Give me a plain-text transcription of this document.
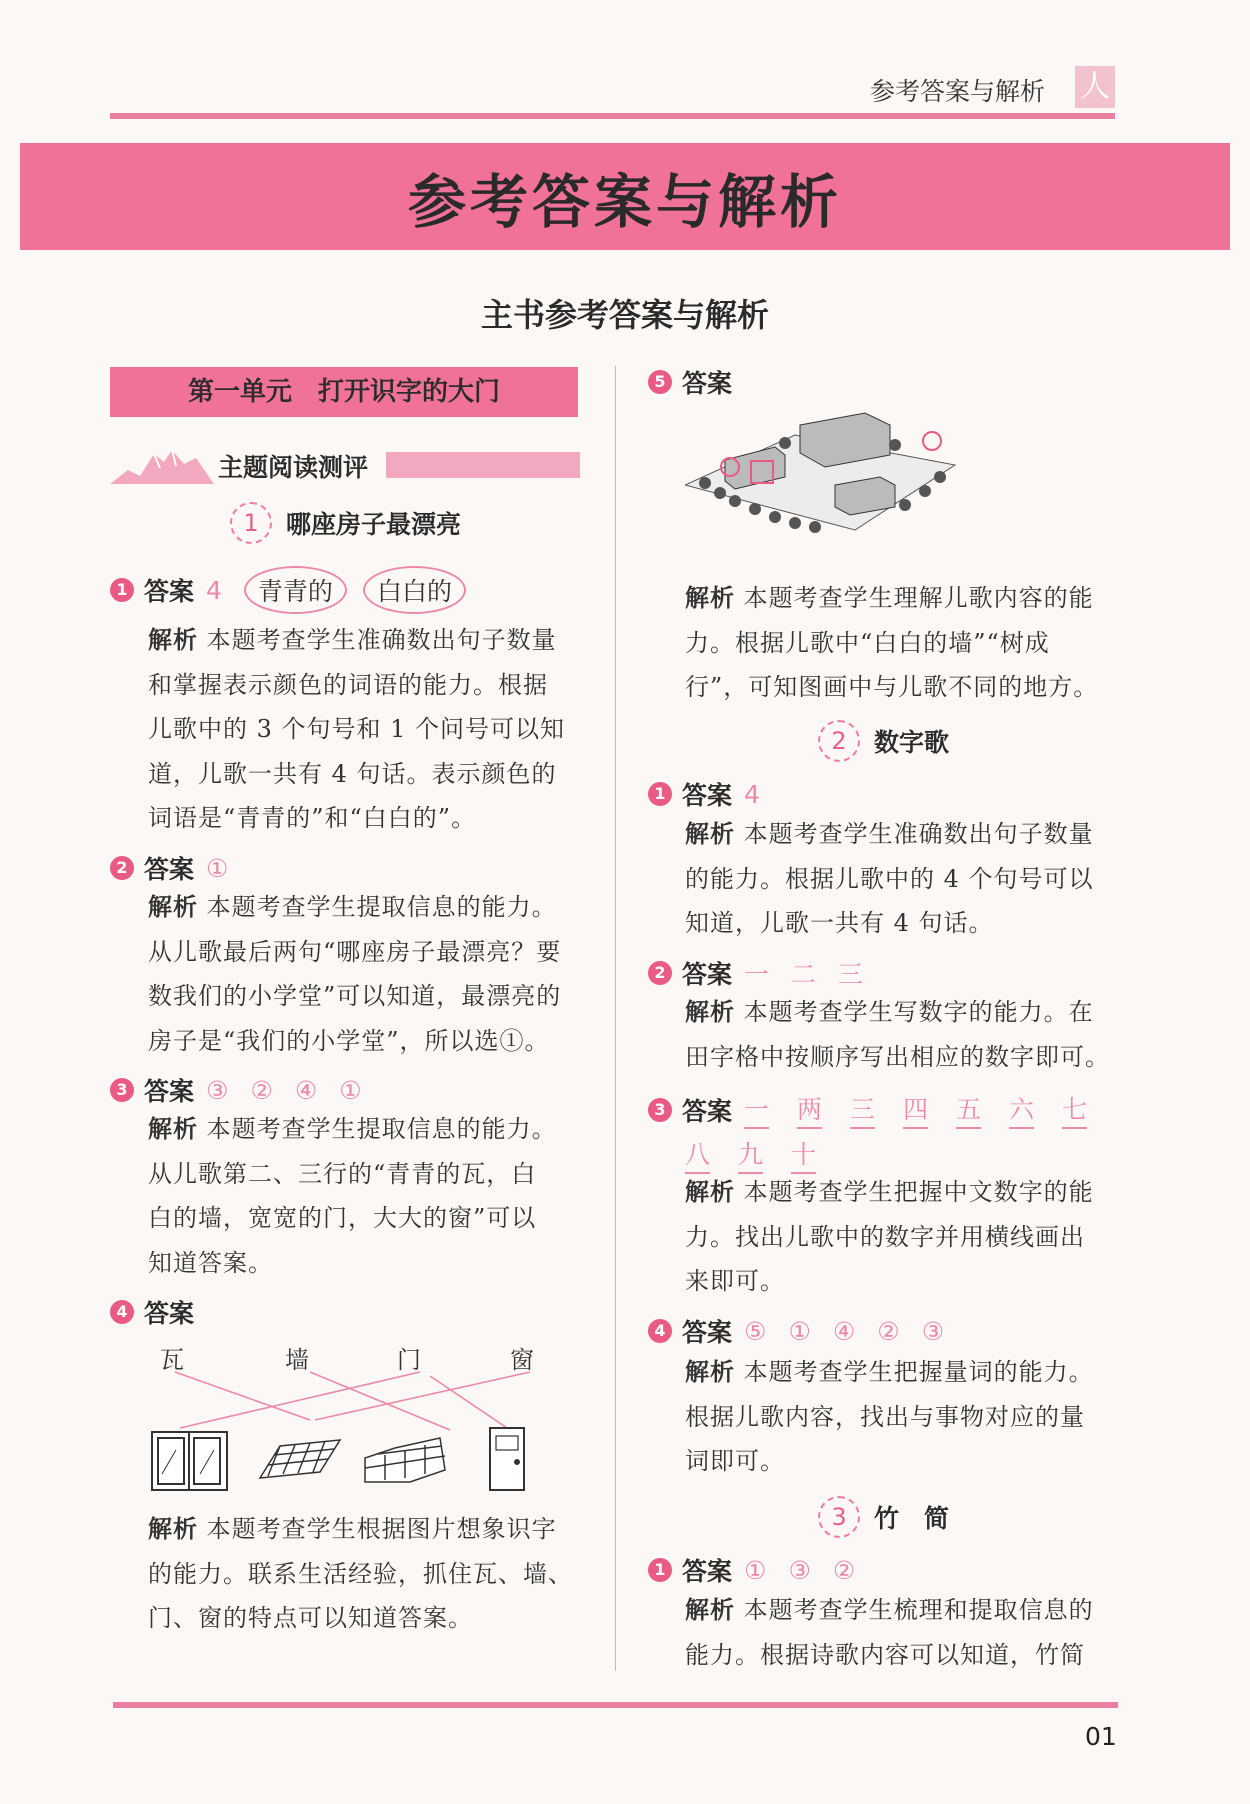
参考答案与解析 人
参考答案与解析
主书参考答案与解析
第一单元　打开识字的大门
主题阅读测评
1	哪座房子最漂亮
1 答案 4	青青的	白白的
解析 本题考查学生准确数出句子数量
和掌握表示颜色的词语的能力。根据
儿歌中的 3 个句号和 1 个问号可以知
道，儿歌一共有 4 句话。表示颜色的
词语是“青青的”和“白白的”。
2 答案 ①
解析 本题考查学生提取信息的能力。
从儿歌最后两句“哪座房子最漂亮？要
数我们的小学堂”可以知道，最漂亮的
房子是“我们的小学堂”，所以选①。
3 答案 ③ ② ④ ①
解析 本题考查学生提取信息的能力。
从儿歌第二、三行的“青青的瓦，白
白的墙，宽宽的门，大大的窗”可以
知道答案。
4 答案
瓦	墙	门	窗
解析 本题考查学生根据图片想象识字
的能力。联系生活经验，抓住瓦、墙、
门、窗的特点可以知道答案。
5 答案
解析 本题考查学生理解儿歌内容的能
力。根据儿歌中“白白的墙”“树成
行”，可知图画中与儿歌不同的地方。
2	数字歌
1 答案 4
解析 本题考查学生准确数出句子数量
的能力。根据儿歌中的 4 个句号可以
知道，儿歌一共有 4 句话。
2 答案 一 二 三
解析 本题考查学生写数字的能力。在
田字格中按顺序写出相应的数字即可。
3 答案 一 两 三 四 五 六 七
八 九 十
解析 本题考查学生把握中文数字的能
力。找出儿歌中的数字并用横线画出
来即可。
4 答案 ⑤ ① ④ ② ③
解析 本题考查学生把握量词的能力。
根据儿歌内容，找出与事物对应的量
词即可。
3	竹　简
1 答案 ① ③ ②
解析 本题考查学生梳理和提取信息的
能力。根据诗歌内容可以知道，竹简
01
